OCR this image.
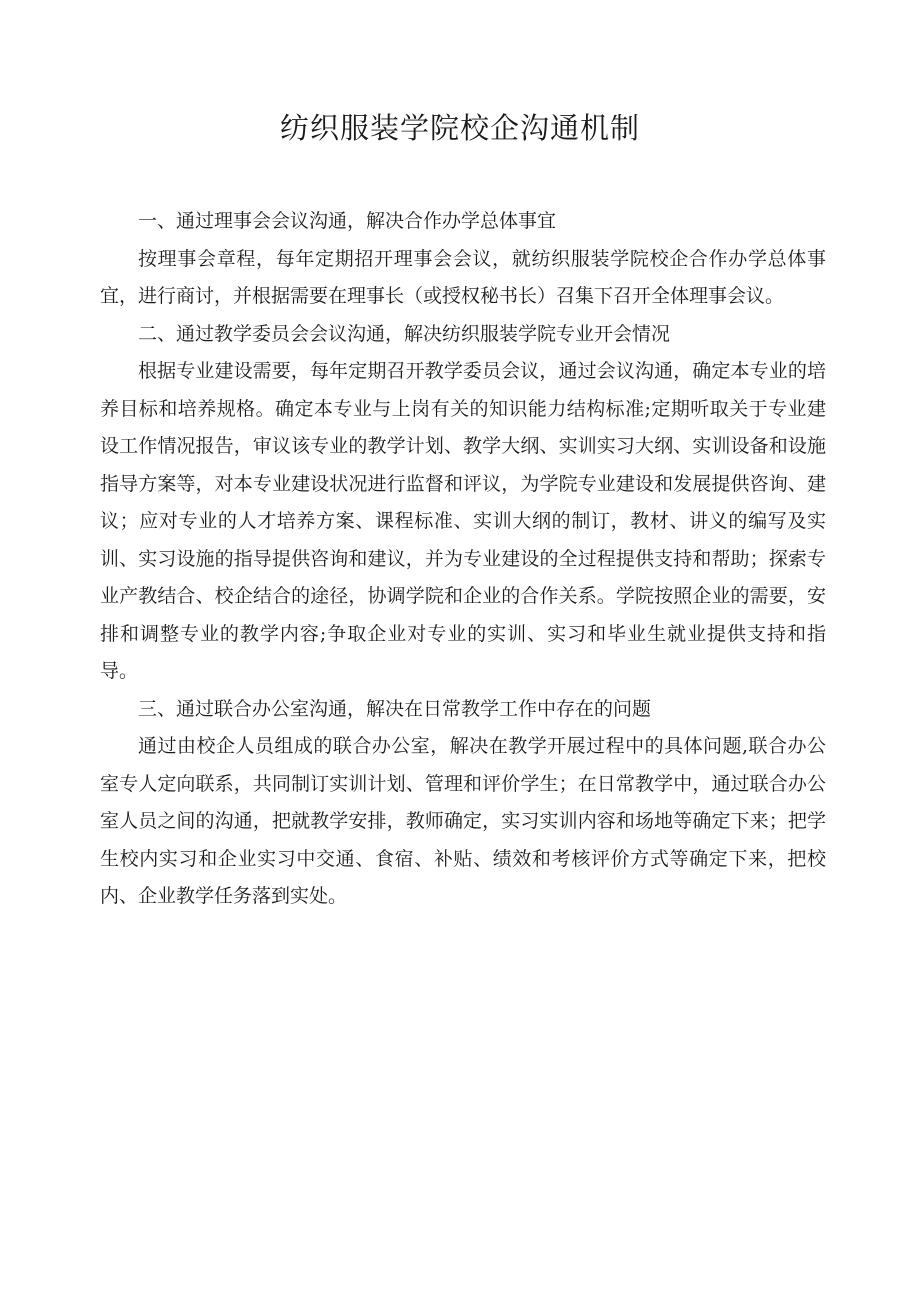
纺织服装学院校企沟通机制

一、通过理事会会议沟通，解决合作办学总体事宜

按理事会章程，每年定期招开理事会会议，就纺织服装学院校企合作办学总体事宜，进行商讨，并根据需要在理事长（或授权秘书长）召集下召开全体理事会议。

二、通过教学委员会会议沟通，解决纺织服装学院专业开会情况

根据专业建设需要，每年定期召开教学委员会议，通过会议沟通，确定本专业的培养目标和培养规格。确定本专业与上岗有关的知识能力结构标准;定期听取关于专业建设工作情况报告，审议该专业的教学计划、教学大纲、实训实习大纲、实训设备和设施指导方案等，对本专业建设状况进行监督和评议，为学院专业建设和发展提供咨询、建议；应对专业的人才培养方案、课程标准、实训大纲的制订，教材、讲义的编写及实训、实习设施的指导提供咨询和建议，并为专业建设的全过程提供支持和帮助；探索专业产教结合、校企结合的途径，协调学院和企业的合作关系。学院按照企业的需要，安排和调整专业的教学内容;争取企业对专业的实训、实习和毕业生就业提供支持和指导。

三、通过联合办公室沟通，解决在日常教学工作中存在的问题

通过由校企人员组成的联合办公室，解决在教学开展过程中的具体问题,联合办公室专人定向联系，共同制订实训计划、管理和评价学生；在日常教学中，通过联合办公室人员之间的沟通，把就教学安排，教师确定，实习实训内容和场地等确定下来；把学生校内实习和企业实习中交通、食宿、补贴、绩效和考核评价方式等确定下来，把校内、企业教学任务落到实处。
